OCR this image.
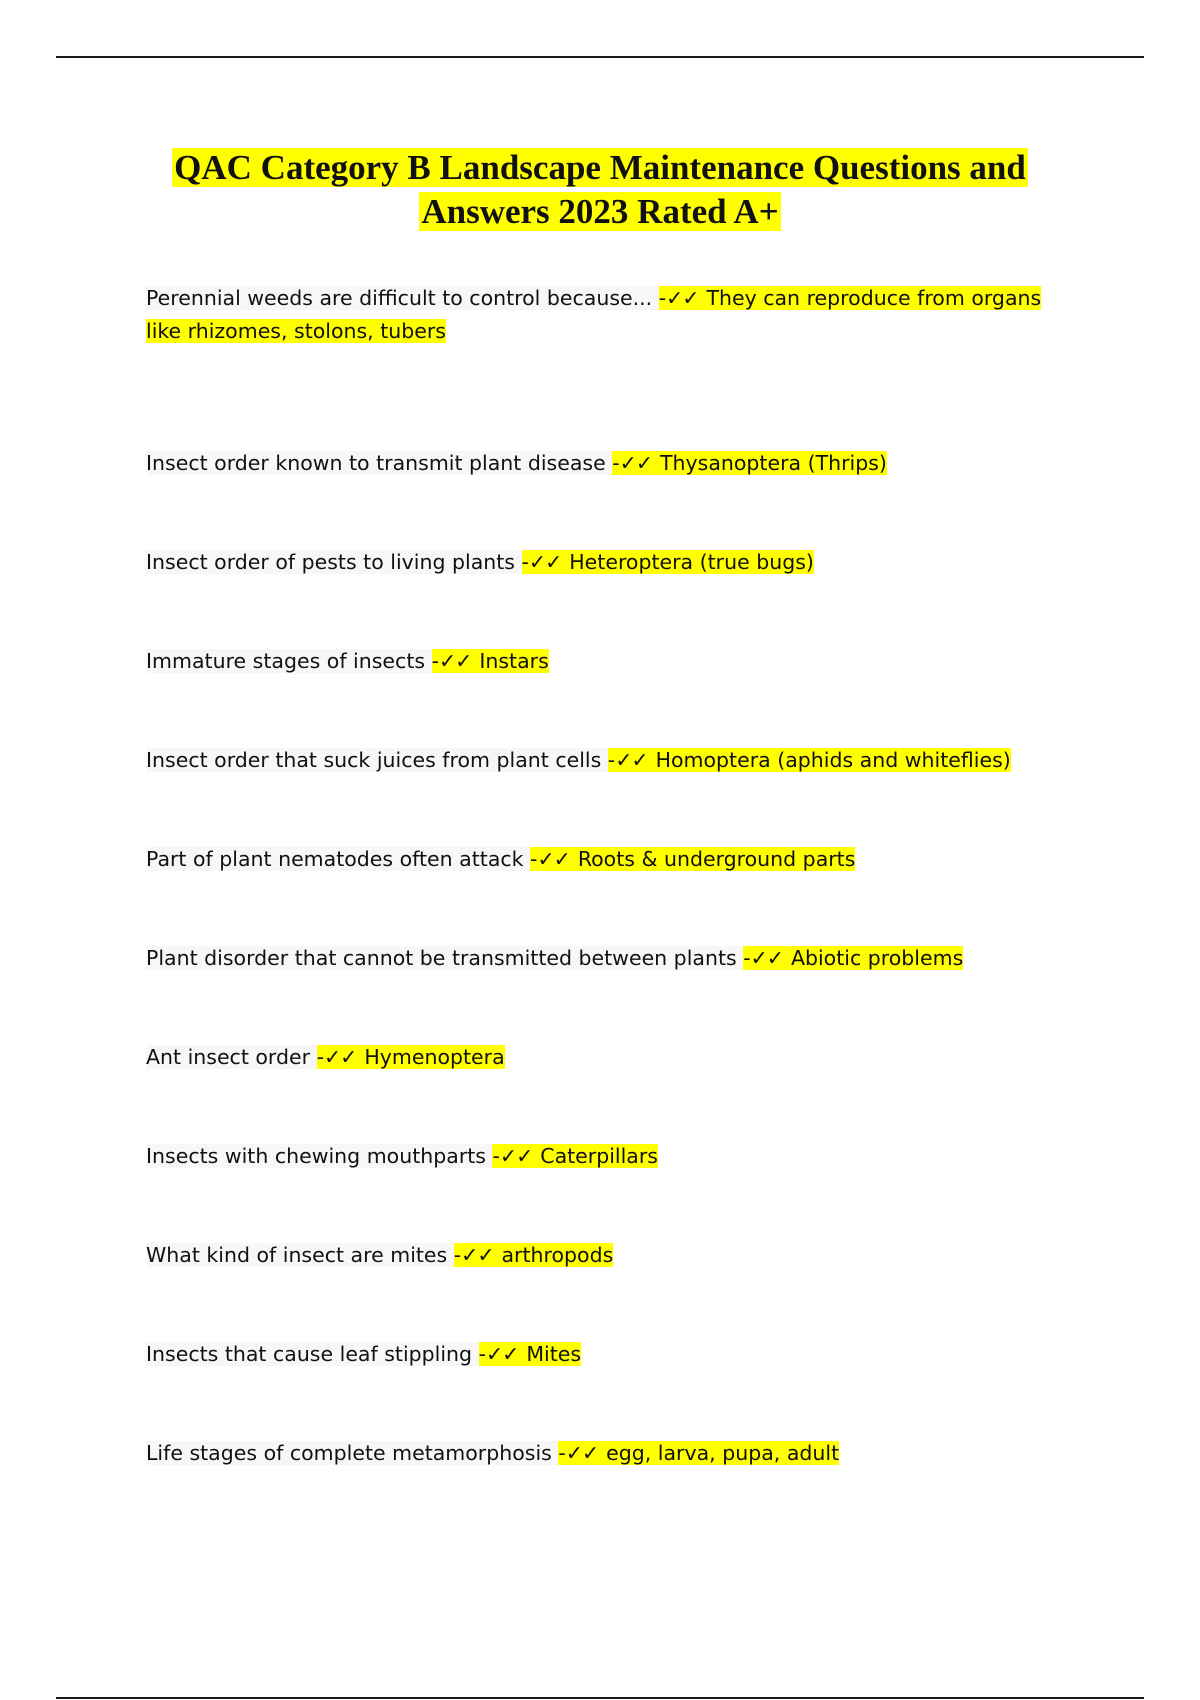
QAC Category B Landscape Maintenance Questions and
Answers 2023 Rated A+
Perennial weeds are difficult to control because... -✓✓ They can reproduce from organs like rhizomes, stolons, tubers
Insect order known to transmit plant disease -✓✓ Thysanoptera (Thrips)
Insect order of pests to living plants -✓✓ Heteroptera (true bugs)
Immature stages of insects -✓✓ Instars
Insect order that suck juices from plant cells -✓✓ Homoptera (aphids and whiteflies)
Part of plant nematodes often attack -✓✓ Roots & underground parts
Plant disorder that cannot be transmitted between plants -✓✓ Abiotic problems
Ant insect order -✓✓ Hymenoptera
Insects with chewing mouthparts -✓✓ Caterpillars
What kind of insect are mites -✓✓ arthropods
Insects that cause leaf stippling -✓✓ Mites
Life stages of complete metamorphosis -✓✓ egg, larva, pupa, adult
